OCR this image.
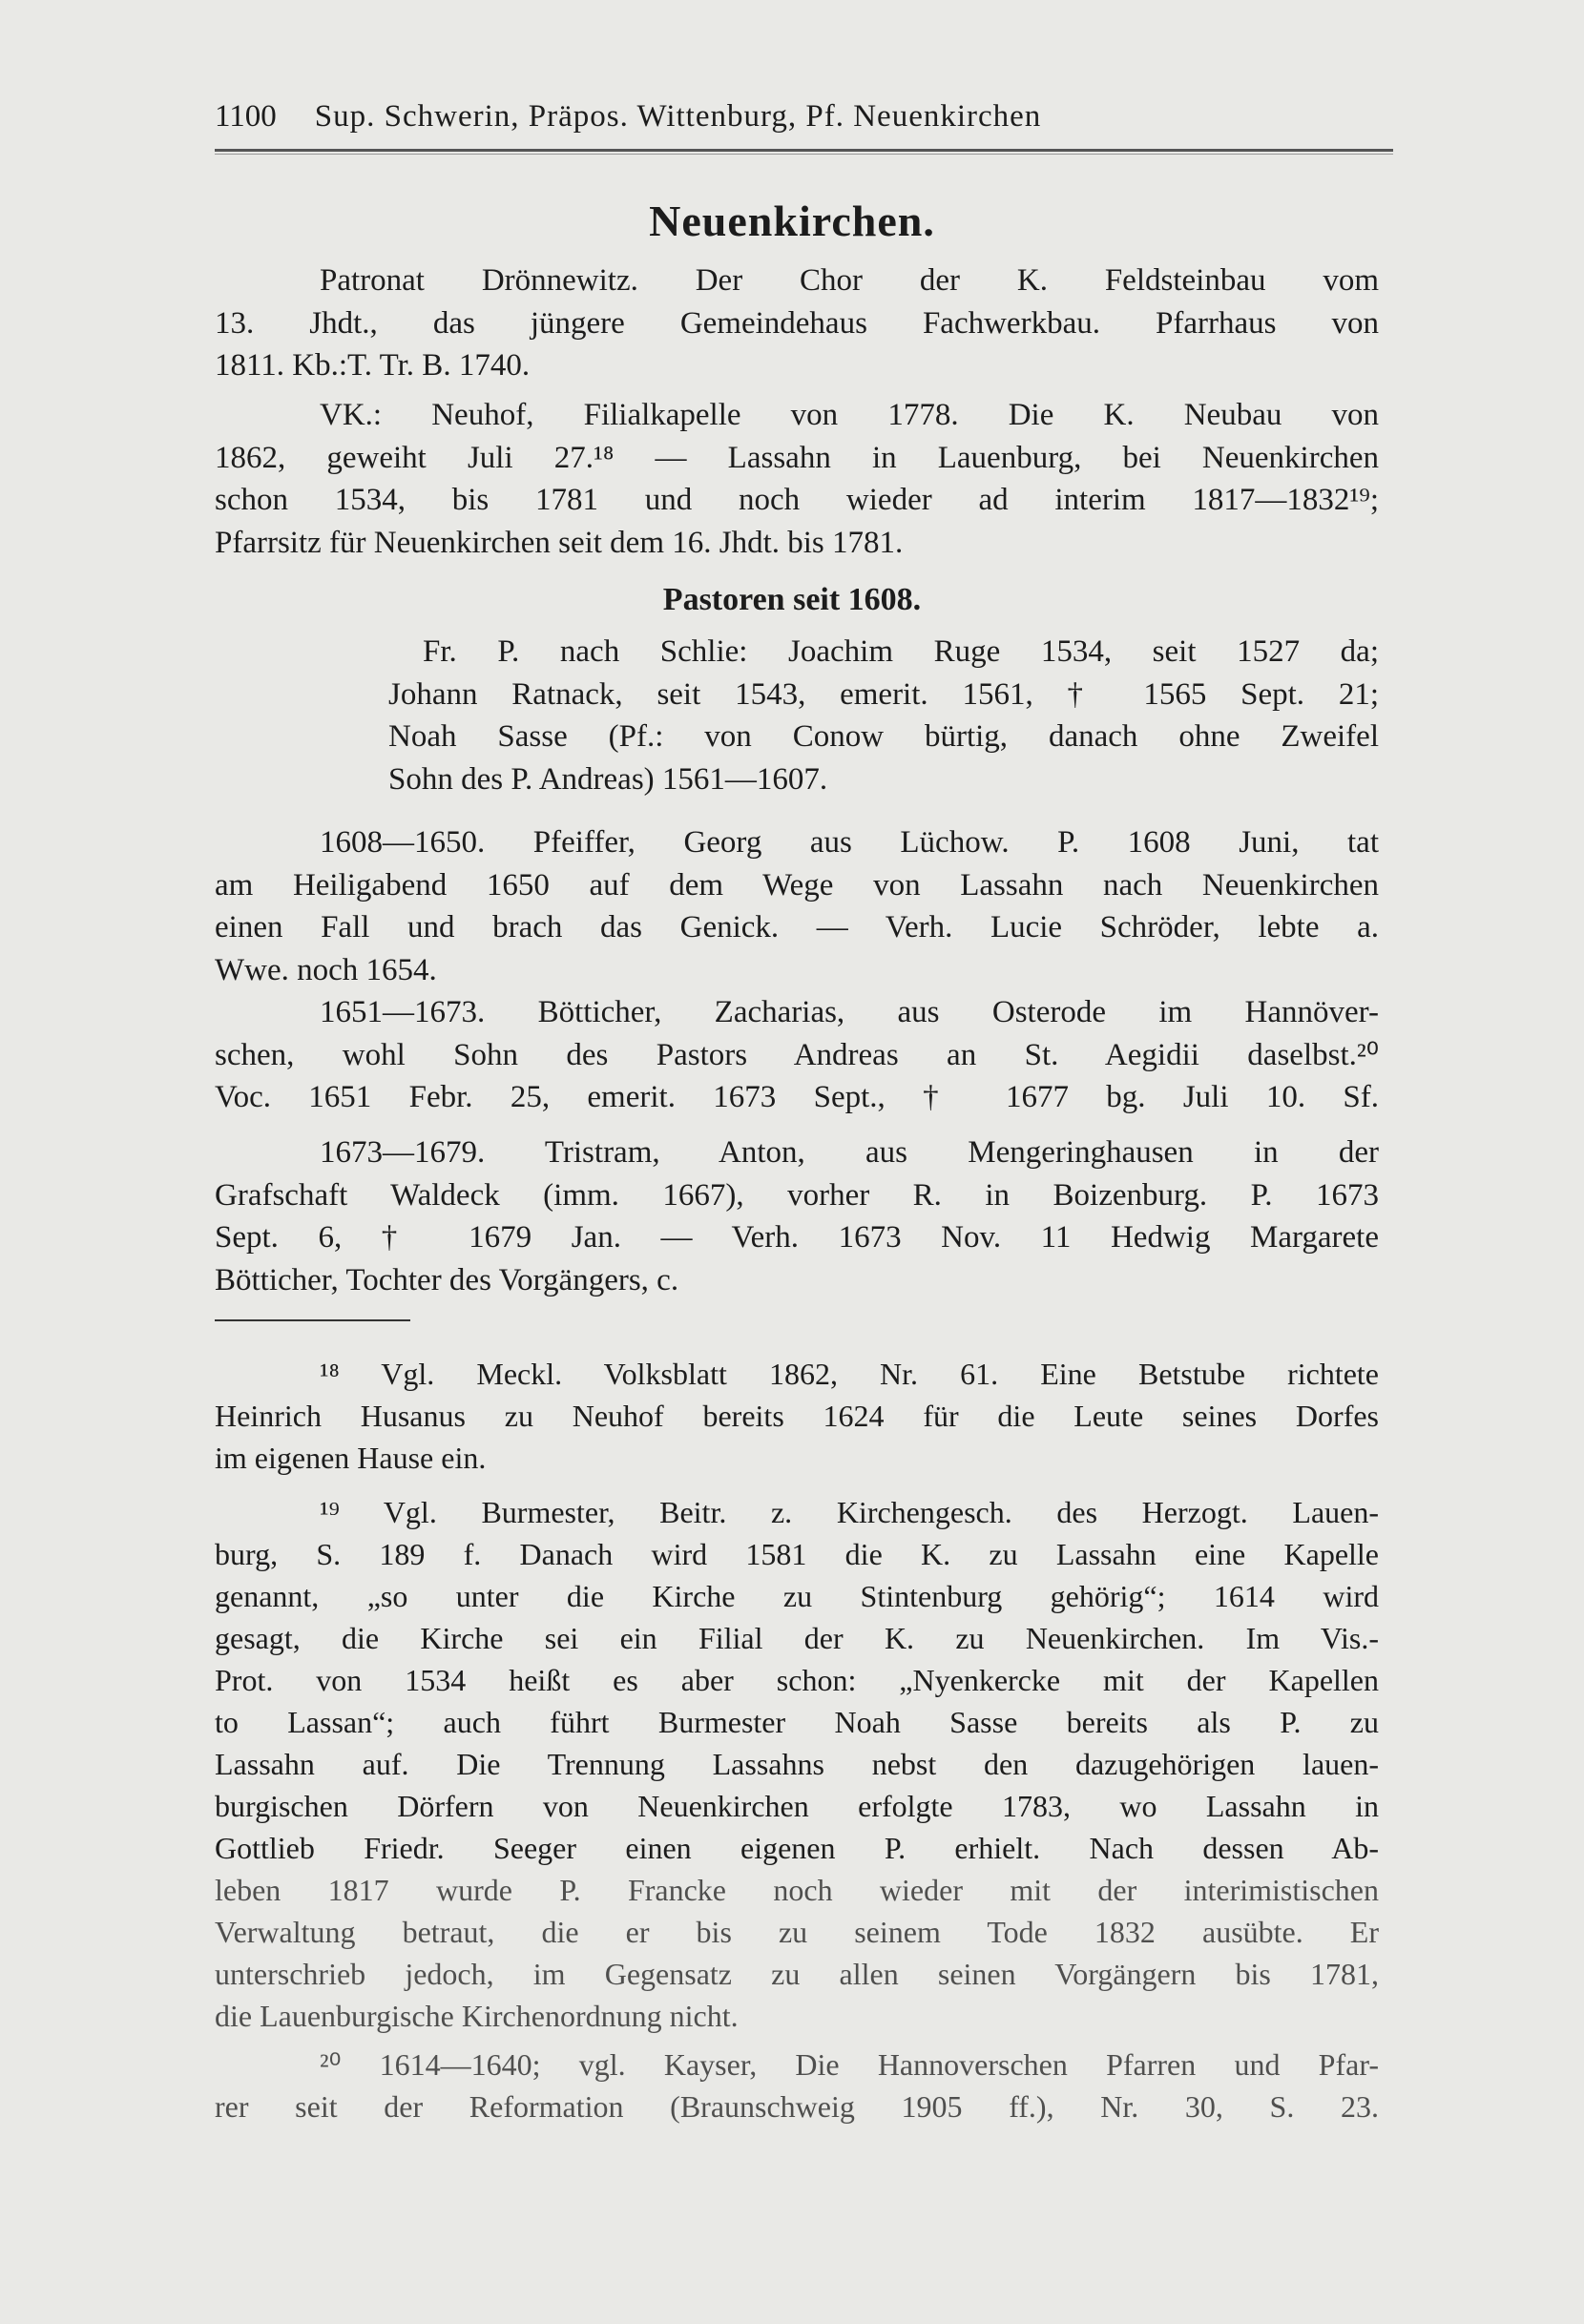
1100 Sup. Schwerin, Präpos. Wittenburg, Pf. Neuenkirchen
Neuenkirchen.
Patronat Drönnewitz. Der Chor der K. Feldsteinbau vom
13. Jhdt., das jüngere Gemeindehaus Fachwerkbau. Pfarrhaus von
1811. Kb.:T. Tr. B. 1740.
VK.: Neuhof, Filialkapelle von 1778. Die K. Neubau von
1862, geweiht Juli 27.¹⁸ — Lassahn in Lauenburg, bei Neuenkirchen
schon 1534, bis 1781 und noch wieder ad interim 1817—1832¹⁹;
Pfarrsitz für Neuenkirchen seit dem 16. Jhdt. bis 1781.
Pastoren seit 1608.
Fr. P. nach Schlie: Joachim Ruge 1534, seit 1527 da;
Johann Ratnack, seit 1543, emerit. 1561, † 1565 Sept. 21;
Noah Sasse (Pf.: von Conow bürtig, danach ohne Zweifel
Sohn des P. Andreas) 1561—1607.
1608—1650. Pfeiffer, Georg aus Lüchow. P. 1608 Juni, tat
am Heiligabend 1650 auf dem Wege von Lassahn nach Neuenkirchen
einen Fall und brach das Genick. — Verh. Lucie Schröder, lebte a.
Wwe. noch 1654.
1651—1673. Bötticher, Zacharias, aus Osterode im Hannöver-
schen, wohl Sohn des Pastors Andreas an St. Aegidii daselbst.²⁰
Voc. 1651 Febr. 25, emerit. 1673 Sept., † 1677 bg. Juli 10. Sf.
1673—1679. Tristram, Anton, aus Mengeringhausen in der
Grafschaft Waldeck (imm. 1667), vorher R. in Boizenburg. P. 1673
Sept. 6, † 1679 Jan. — Verh. 1673 Nov. 11 Hedwig Margarete
Bötticher, Tochter des Vorgängers, c.
¹⁸ Vgl. Meckl. Volksblatt 1862, Nr. 61. Eine Betstube richtete
Heinrich Husanus zu Neuhof bereits 1624 für die Leute seines Dorfes
im eigenen Hause ein.
¹⁹ Vgl. Burmester, Beitr. z. Kirchengesch. des Herzogt. Lauen-
burg, S. 189 f. Danach wird 1581 die K. zu Lassahn eine Kapelle
genannt, „so unter die Kirche zu Stintenburg gehörig“; 1614 wird
gesagt, die Kirche sei ein Filial der K. zu Neuenkirchen. Im Vis.-
Prot. von 1534 heißt es aber schon: „Nyenkercke mit der Kapellen
to Lassan“; auch führt Burmester Noah Sasse bereits als P. zu
Lassahn auf. Die Trennung Lassahns nebst den dazugehörigen lauen-
burgischen Dörfern von Neuenkirchen erfolgte 1783, wo Lassahn in
Gottlieb Friedr. Seeger einen eigenen P. erhielt. Nach dessen Ab-
leben 1817 wurde P. Francke noch wieder mit der interimistischen
Verwaltung betraut, die er bis zu seinem Tode 1832 ausübte. Er
unterschrieb jedoch, im Gegensatz zu allen seinen Vorgängern bis 1781,
die Lauenburgische Kirchenordnung nicht.
²⁰ 1614—1640; vgl. Kayser, Die Hannoverschen Pfarren und Pfar-
rer seit der Reformation (Braunschweig 1905 ff.), Nr. 30, S. 23.
